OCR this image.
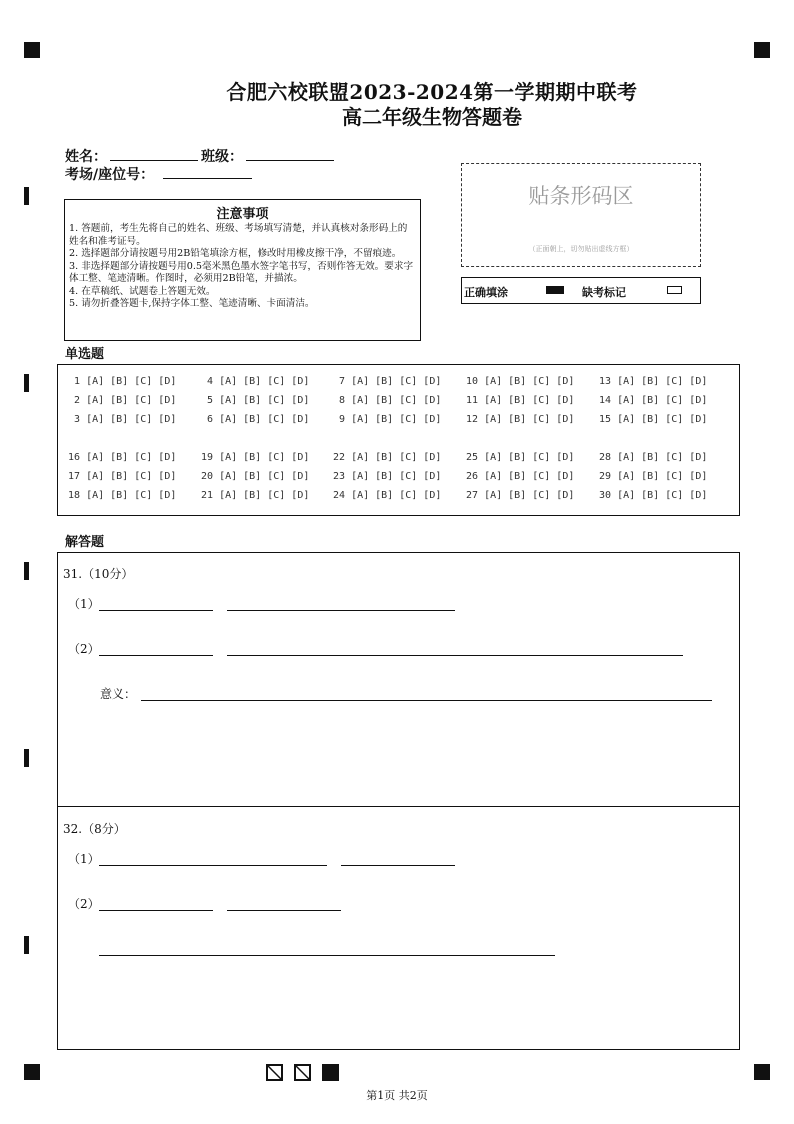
合肥六校联盟2023-2024第一学期期中联考
高二年级生物答题卷
姓名：	班级：
考场/座位号：
注意事项
1. 答题前，考生先将自己的姓名、班级、考场填写清楚，并认真核对条形码上的姓名和准考证号。
2. 选择题部分请按题号用2B铅笔填涂方框，修改时用橡皮擦干净，不留痕迹。
3. 非选择题部分请按题号用0.5毫米黑色墨水签字笔书写，否则作答无效。要求字体工整、笔迹清晰。作图时，必须用2B铅笔，并描浓。
4. 在草稿纸、试题卷上答题无效。
5. 请勿折叠答题卡,保持字体工整、笔迹清晰、卡面清洁。
贴条形码区
（正面朝上，切勿贴出虚线方框）
正确填涂	缺考标记
单选题
1 [A] [B] [C] [D]
2 [A] [B] [C] [D]
3 [A] [B] [C] [D]
4 [A] [B] [C] [D]
5 [A] [B] [C] [D]
6 [A] [B] [C] [D]
7 [A] [B] [C] [D]
8 [A] [B] [C] [D]
9 [A] [B] [C] [D]
10 [A] [B] [C] [D]
11 [A] [B] [C] [D]
12 [A] [B] [C] [D]
13 [A] [B] [C] [D]
14 [A] [B] [C] [D]
15 [A] [B] [C] [D]
16 [A] [B] [C] [D]
17 [A] [B] [C] [D]
18 [A] [B] [C] [D]
19 [A] [B] [C] [D]
20 [A] [B] [C] [D]
21 [A] [B] [C] [D]
22 [A] [B] [C] [D]
23 [A] [B] [C] [D]
24 [A] [B] [C] [D]
25 [A] [B] [C] [D]
26 [A] [B] [C] [D]
27 [A] [B] [C] [D]
28 [A] [B] [C] [D]
29 [A] [B] [C] [D]
30 [A] [B] [C] [D]
解答题
31.（10分）
（1）
（2）
意义：
32.（8分）
（1）
（2）
第1页 共2页
